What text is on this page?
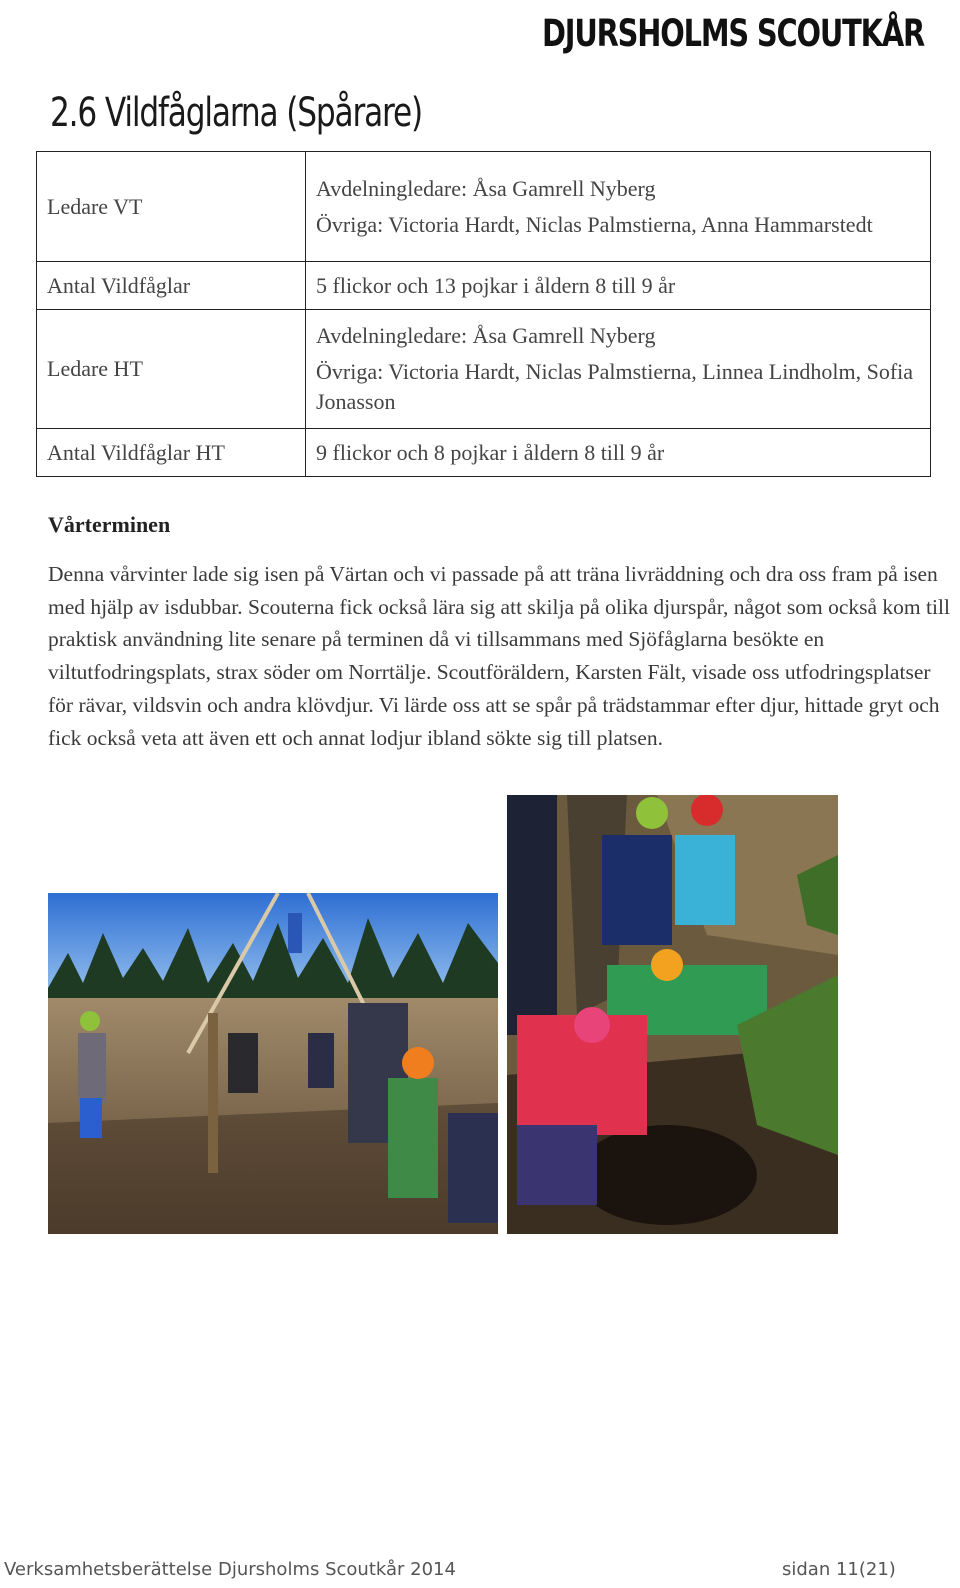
DJURSHOLMS SCOUTKÅR
2.6 Vildfåglarna (Spårare)
Ledare VT	Avdelningledare: Åsa Gamrell Nyberg

Övriga: Victoria Hardt, Niclas Palmstierna, Anna Hammarstedt

Antal Vildfåglar	5 flickor och 13 pojkar i åldern 8 till 9 år

Ledare HT	Avdelningledare: Åsa Gamrell Nyberg

Övriga: Victoria Hardt, Niclas Palmstierna, Linnea Lindholm, Sofia Jonasson

Antal Vildfåglar HT	9 flickor och 8 pojkar i åldern 8 till 9 år

Vårterminen

Denna vårvinter lade sig isen på Värtan och vi passade på att träna livräddning och dra oss fram på isen med hjälp av isdubbar. Scouterna fick också lära sig att skilja på olika djurspår, något som också kom till praktisk användning lite senare på terminen då vi tillsammans med Sjöfåglarna besökte en viltutfodringsplats, strax söder om Norrtälje. Scoutföräldern, Karsten Fält, visade oss utfodringsplatser för rävar, vildsvin och andra klövdjur. Vi lärde oss att se spår på trädstammar efter djur, hittade gryt och fick också veta att även ett och annat lodjur ibland sökte sig till platsen.

Verksamhetsberättelse Djursholms Scoutkår 2014	sidan 11(21)
